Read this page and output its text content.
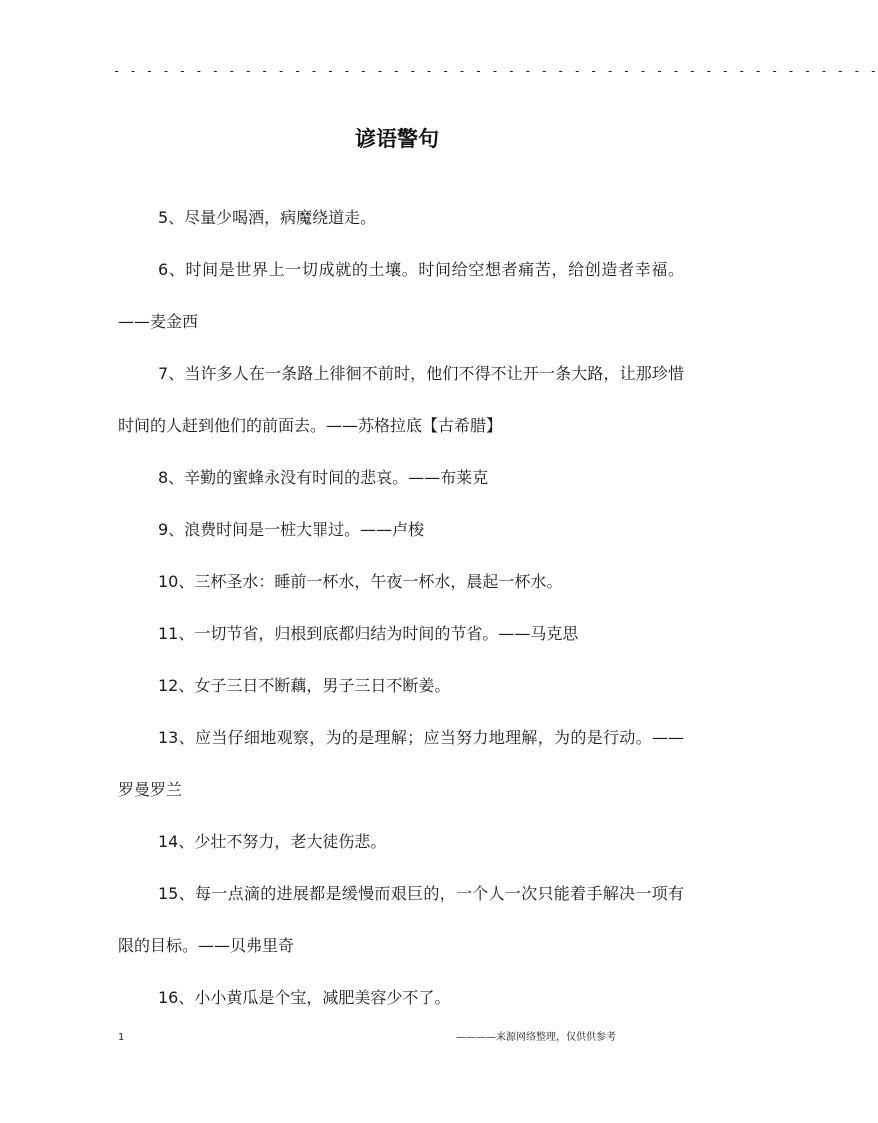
- - - - - - - - - - - - - - - - - - - - - - - - - - - - - - - - - - - - - - - - - - - - - - -
谚语警句

5、尽量少喝酒，病魔绕道走。

6、时间是世界上一切成就的土壤。时间给空想者痛苦，给创造者幸福。——麦金西

7、当许多人在一条路上徘徊不前时，他们不得不让开一条大路，让那珍惜时间的人赶到他们的前面去。——苏格拉底【古希腊】

8、辛勤的蜜蜂永没有时间的悲哀。——布莱克

9、浪费时间是一桩大罪过。——卢梭

10、三杯圣水：睡前一杯水，午夜一杯水，晨起一杯水。

11、一切节省，归根到底都归结为时间的节省。——马克思

12、女子三日不断藕，男子三日不断姜。

13、应当仔细地观察，为的是理解；应当努力地理解，为的是行动。——罗曼罗兰

14、少壮不努力，老大徒伤悲。

15、每一点滴的进展都是缓慢而艰巨的，一个人一次只能着手解决一项有限的目标。——贝弗里奇

16、小小黄瓜是个宝，减肥美容少不了。

1	————来源网络整理，仅供供参考
